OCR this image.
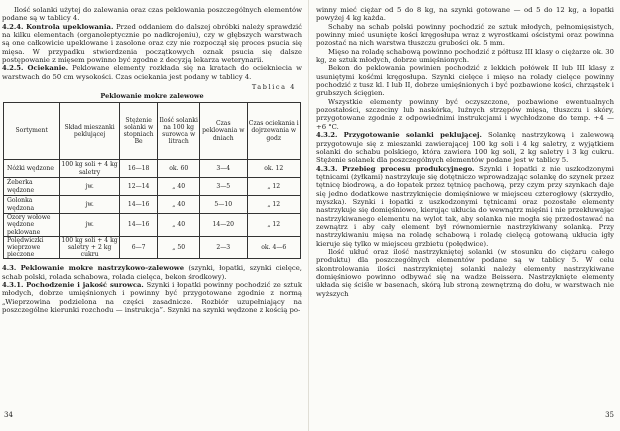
Ilość solanki użytej do zalewania oraz czas peklowania poszczególnych elementów podane są w tablicy 4.

4.2.4. Kontrola upeklowania. Przed oddaniem do dalszej obróbki należy sprawdzić na kilku elementach (organoleptycznie po nadkrojeniu), czy w głębszych warstwach są one całkowicie upeklowane i zasolone oraz czy nie rozpoczął się proces psucia się mięsa. W przypadku stwierdzenia początkowych oznak psucia się dalsze postępowanie z mięsem powinno być zgodne z decyzją lekarza weterynarii.

4.2.5. Ociekanie. Peklowane elementy rozkłada się na kratach do ociekniecia w warstwach do 50 cm wysokości. Czas ociekania jest podany w tablicy 4.

Tablica 4
Peklowanie mokre zalewowe
Sortyment	Skład mieszanki peklującej	Stężenie solanki w stopniach Be	Ilość solanki na 100 kg surowca w litrach	Czas peklowania w dniach	Czas ociekania i dojrzewania w godz
Nóżki wędzone	100 kg soli + 4 kg saletry	16—18	ok. 60	3—4	ok. 12
Żeberka wędzone	jw.	12—14	„ 40	3—5	„ 12
Golonka wędzona	jw.	14—16	„ 40	5—10	„ 12
Ozory wołowe wędzone peklowane	jw.	14—16	„ 40	14—20	„ 12
Polędwiczki wieprzowe pieczone	100 kg soli + 4 kg saletry + 2 kg cukru	6—7	„ 50	2—3	ok. 4—6

4.3. Peklowanie mokre nastrzykowo-zalewowe (szynki, łopatki, szynki cielęce, schab polski, rolada schabowa, rolada cielęca, bekon środkowy).

4.3.1. Pochodzenie i jakość surowca. Szynki i łopatki powinny pochodzić ze sztuk młodych, dobrze umięśnionych i powinny być przygotowane zgodnie z normą „Wieprzowina podzielona na części zasadnicze. Rozbiór uzupełniający na poszczególne kierunki rozchodu — instrukcja”. Szynki na szynki wędzone z kością po-

34

winny mieć ciężar od 5 do 8 kg, na szynki gotowane — od 5 do 12 kg, a łopatki powyżej 4 kg każda.

Schaby na schab polski powinny pochodzić ze sztuk młodych, pełnomięsistych, powinny mieć usunięte kości kręgosłupa wraz z wyrostkami ościstymi oraz powinna pozostać na nich warstwa tłuszczu grubości ok. 5 mm.

Mięso na roladę schabową powinno pochodzić z półtusz III klasy o ciężarze ok. 30 kg, ze sztuk młodych, dobrze umięśnionych.

Bekon do peklowania powinien pochodzić z lekkich połówek II lub III klasy z usuniętymi kośćmi kręgosłupa. Szynki cielęce i mięso na rolady cielęce powinny pochodzić z tusz kl. I lub II, dobrze umięśnionych i być pozbawione kości, chrząstek i grubszych ścięgien.

Wszystkie elementy powinny być oczyszczone, pozbawione ewentualnych pozostałości, szczeciny lub naskórka, luźnych strzępów mięsa, tłuszczu i skóry, przygotowane zgodnie z odpowiednimi instrukcjami i wychłodzone do temp. +4 — +6 °C.

4.3.2. Przygotowanie solanki peklującej. Solankę nastrzykową i zalewową przygotowuje się z mieszanki zawierającej 100 kg soli i 4 kg saletry, z wyjątkiem solanki do schabu polskiego, która zawiera 100 kg soli, 2 kg saletry i 3 kg cukru. Stężenie solanek dla poszczególnych elementów podane jest w tablicy 5.

4.3.3. Przebieg procesu produkcyjnego. Szynki i łopatki z nie uszkodzonymi tętnicami (żyłkami) nastrzykuje się dotętniczo wprowadzając solankę do szynek przez tętnicę biodrową, a do łopatek przez tętnicę pachową, przy czym przy szynkach daje się jedno dodatkowe nastrzyknięcie domięśniowe w miejsceu czterogłowy (skrzydło, myszka). Szynki i łopatki z uszkodzonymi tętnicami oraz pozostałe elementy nastrzykuje się domięśniowo, kierując ukłucia do wewnątrz mięśni i nie przekłuwając nastrzykiwanego elementu na wylot tak, aby solanka nie mogła się przedostawać na zewnątrz i aby cały element był równomiernie nastrzykiwany solanką. Przy nastrzykiwaniu mięsa na roladę schabową i roladę cielęcą gotowaną ukłucia igły kieruje się tylko w miejsceu grzbietu (połędwice).

Ilość ukłuć oraz ilość nastrzykniętej solanki (w stosunku do ciężaru całego produktu) dla poszczególnych elementów podane są w tablicy 5. W celu skontrolowania ilości nastrzykniętej solanki należy elementy nastrzykiwane domięśniowo powinno odbywać się na wadze Beissera. Nastrzyknięte elementy układa się ściśle w basenach, skórą lub stroną zewnętrzną do dołu, w warstwach nie wyższych

35
